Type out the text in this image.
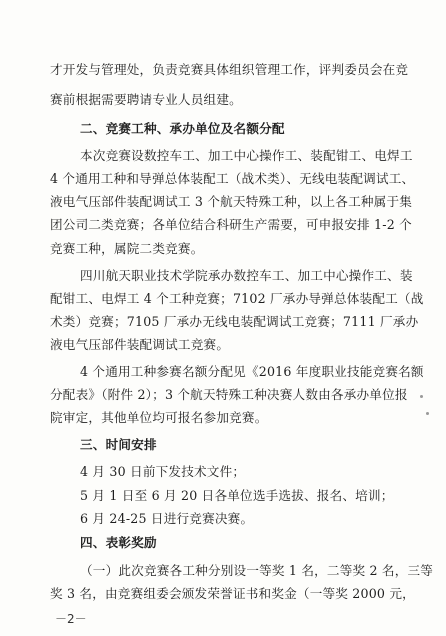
才开发与管理处，负责竞赛具体组织管理工作，评判委员会在竞
赛前根据需要聘请专业人员组建。
二、竞赛工种、承办单位及名额分配
本次竞赛设数控车工、加工中心操作工、装配钳工、电焊工
4 个通用工种和导弹总体装配工（战术类）、无线电装配调试工、
液电气压部件装配调试工 3 个航天特殊工种，以上各工种属于集
团公司二类竞赛；各单位结合科研生产需要，可申报安排 1-2 个
竞赛工种，属院二类竞赛。
四川航天职业技术学院承办数控车工、加工中心操作工、装
配钳工、电焊工 4 个工种竞赛；7102 厂承办导弹总体装配工（战
术类）竞赛；7105 厂承办无线电装配调试工竞赛；7111 厂承办
液电气压部件装配调试工竞赛。
4 个通用工种参赛名额分配见《2016 年度职业技能竞赛名额
分配表》（附件 2）；3 个航天特殊工种决赛人数由各承办单位报
院审定，其他单位均可报名参加竞赛。
三、时间安排
4 月 30 日前下发技术文件；
5 月 1 日至 6 月 20 日各单位选手选拔、报名、培训；
6 月 24-25 日进行竞赛决赛。
四、表彰奖励
（一）此次竞赛各工种分别设一等奖 1 名，二等奖 2 名，三等
奖 3 名，由竞赛组委会颁发荣誉证书和奖金（一等奖 2000 元，
－2－
